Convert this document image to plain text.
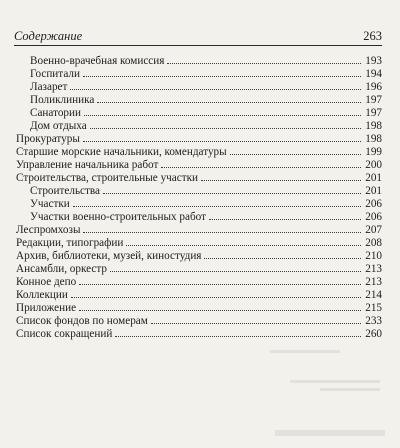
Содержание	263
Военно-врачебная комиссия	193
Госпитали	194
Лазарет	196
Поликлиника	197
Санатории	197
Дом отдыха	198
Прокуратуры	198
Старшие морские начальники, комендатуры	199
Управление начальника работ	200
Строительства, строительные участки	201
Строительства	201
Участки	206
Участки военно-строительных работ	206
Леспромхозы	207
Редакции, типографии	208
Архив, библиотеки, музей, киностудия	210
Ансамбли, оркестр	213
Конное депо	213
Коллекции	214
Приложение	215
Список фондов по номерам	233
Список сокращений	260
